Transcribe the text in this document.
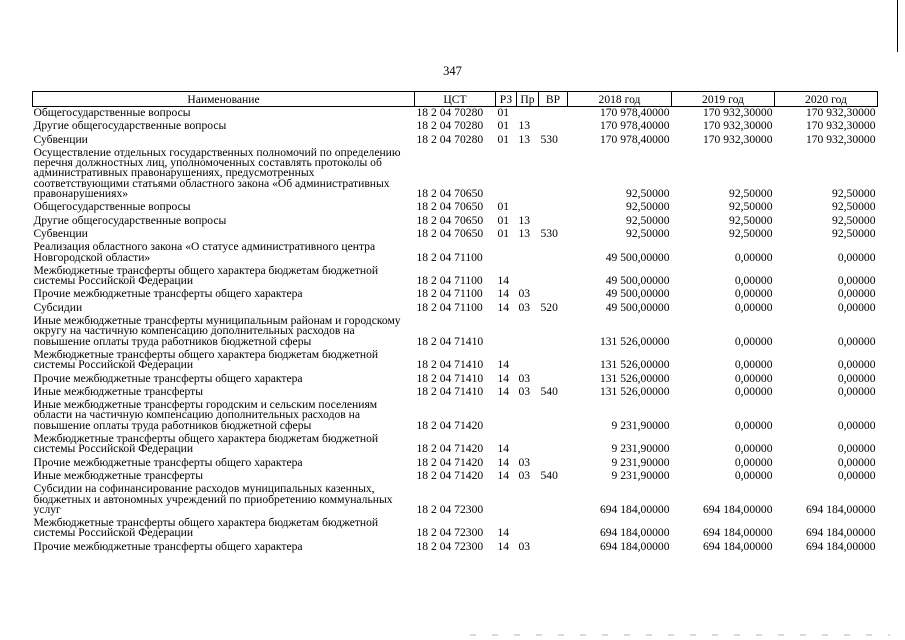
347
Наименование	ЦСТ	РЗ	Пр	ВР	2018 год	2019 год	2020 год
Общегосударственные вопросы	18 2 04 70280	01			170 978,40000	170 932,30000	170 932,30000
Другие общегосударственные вопросы	18 2 04 70280	01	13		170 978,40000	170 932,30000	170 932,30000
Субвенции	18 2 04 70280	01	13	530	170 978,40000	170 932,30000	170 932,30000
Осуществление отдельных государственных полномочий по определению перечня должностных лиц, уполномоченных составлять протоколы об административных правонарушениях, предусмотренных соответствующими статьями областного закона «Об административных правонарушениях»	18 2 04 70650				92,50000	92,50000	92,50000
Общегосударственные вопросы	18 2 04 70650	01			92,50000	92,50000	92,50000
Другие общегосударственные вопросы	18 2 04 70650	01	13		92,50000	92,50000	92,50000
Субвенции	18 2 04 70650	01	13	530	92,50000	92,50000	92,50000
Реализация областного закона «О статусе административного центра Новгородской области»	18 2 04 71100				49 500,00000	0,00000	0,00000
Межбюджетные трансферты общего характера бюджетам бюджетной системы Российской Федерации	18 2 04 71100	14			49 500,00000	0,00000	0,00000
Прочие межбюджетные трансферты общего характера	18 2 04 71100	14	03		49 500,00000	0,00000	0,00000
Субсидии	18 2 04 71100	14	03	520	49 500,00000	0,00000	0,00000
Иные межбюджетные трансферты муниципальным районам и городскому округу на частичную компенсацию дополнительных расходов на повышение оплаты труда работников бюджетной сферы	18 2 04 71410				131 526,00000	0,00000	0,00000
Межбюджетные трансферты общего характера бюджетам бюджетной системы Российской Федерации	18 2 04 71410	14			131 526,00000	0,00000	0,00000
Прочие межбюджетные трансферты общего характера	18 2 04 71410	14	03		131 526,00000	0,00000	0,00000
Иные межбюджетные трансферты	18 2 04 71410	14	03	540	131 526,00000	0,00000	0,00000
Иные межбюджетные трансферты городским и сельским поселениям области на частичную компенсацию дополнительных расходов на повышение оплаты труда работников бюджетной сферы	18 2 04 71420				9 231,90000	0,00000	0,00000
Межбюджетные трансферты общего характера бюджетам бюджетной системы Российской Федерации	18 2 04 71420	14			9 231,90000	0,00000	0,00000
Прочие межбюджетные трансферты общего характера	18 2 04 71420	14	03		9 231,90000	0,00000	0,00000
Иные межбюджетные трансферты	18 2 04 71420	14	03	540	9 231,90000	0,00000	0,00000
Субсидии на софинансирование расходов муниципальных казенных, бюджетных и автономных учреждений по приобретению коммунальных услуг	18 2 04 72300				694 184,00000	694 184,00000	694 184,00000
Межбюджетные трансферты общего характера бюджетам бюджетной системы Российской Федерации	18 2 04 72300	14			694 184,00000	694 184,00000	694 184,00000
Прочие межбюджетные трансферты общего характера	18 2 04 72300	14	03		694 184,00000	694 184,00000	694 184,00000
